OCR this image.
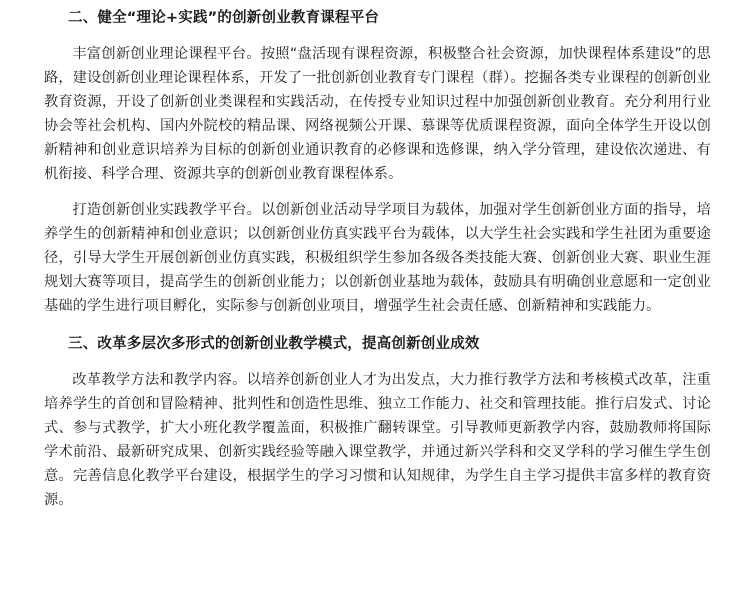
二、健全“理论+实践”的创新创业教育课程平台

丰富创新创业理论课程平台。按照“盘活现有课程资源，积极整合社会资源，加快课程体系建设”的思路，建设创新创业理论课程体系，开发了一批创新创业教育专门课程（群）。挖掘各类专业课程的创新创业教育资源，开设了创新创业类课程和实践活动，在传授专业知识过程中加强创新创业教育。充分利用行业协会等社会机构、国内外院校的精品课、网络视频公开课、慕课等优质课程资源，面向全体学生开设以创新精神和创业意识培养为目标的创新创业通识教育的必修课和选修课，纳入学分管理，建设依次递进、有机衔接、科学合理、资源共享的创新创业教育课程体系。

打造创新创业实践教学平台。以创新创业活动导学项目为载体，加强对学生创新创业方面的指导，培养学生的创新精神和创业意识；以创新创业仿真实践平台为载体，以大学生社会实践和学生社团为重要途径，引导大学生开展创新创业仿真实践，积极组织学生参加各级各类技能大赛、创新创业大赛、职业生涯规划大赛等项目，提高学生的创新创业能力；以创新创业基地为载体，鼓励具有明确创业意愿和一定创业基础的学生进行项目孵化，实际参与创新创业项目，增强学生社会责任感、创新精神和实践能力。

三、改革多层次多形式的创新创业教学模式，提高创新创业成效

改革教学方法和教学内容。以培养创新创业人才为出发点，大力推行教学方法和考核模式改革，注重培养学生的首创和冒险精神、批判性和创造性思维、独立工作能力、社交和管理技能。推行启发式、讨论式、参与式教学，扩大小班化教学覆盖面，积极推广翻转课堂。引导教师更新教学内容，鼓励教师将国际学术前沿、最新研究成果、创新实践经验等融入课堂教学，并通过新兴学科和交叉学科的学习催生学生创意。完善信息化教学平台建设，根据学生的学习习惯和认知规律，为学生自主学习提供丰富多样的教育资源。
